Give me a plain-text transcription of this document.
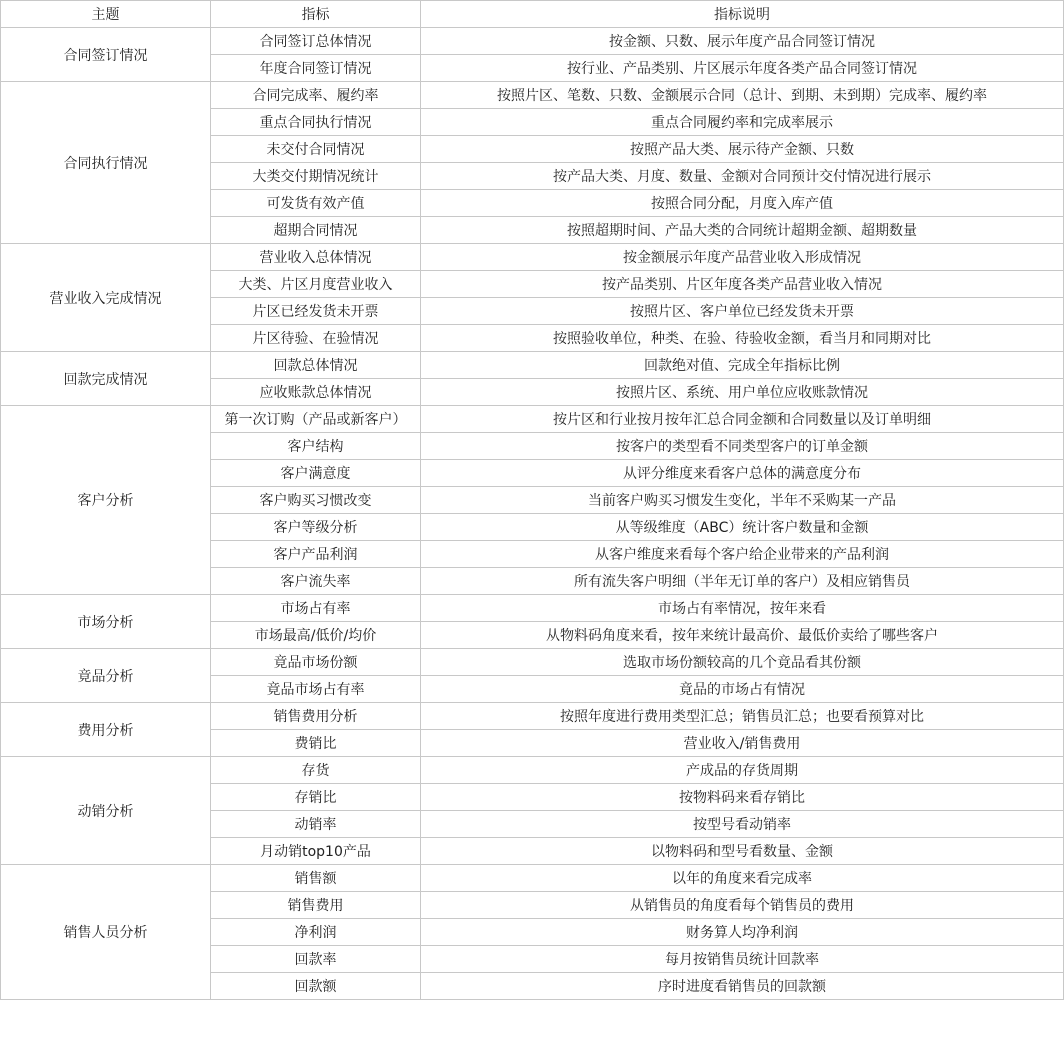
主题	指标	指标说明
合同签订情况	合同签订总体情况	按金额、只数、展示年度产品合同签订情况
	年度合同签订情况	按行业、产品类别、片区展示年度各类产品合同签订情况
合同执行情况	合同完成率、履约率	按照片区、笔数、只数、金额展示合同（总计、到期、未到期）完成率、履约率
	重点合同执行情况	重点合同履约率和完成率展示
	未交付合同情况	按照产品大类、展示待产金额、只数
	大类交付期情况统计	按产品大类、月度、数量、金额对合同预计交付情况进行展示
	可发货有效产值	按照合同分配，月度入库产值
	超期合同情况	按照超期时间、产品大类的合同统计超期金额、超期数量
营业收入完成情况	营业收入总体情况	按金额展示年度产品营业收入形成情况
	大类、片区月度营业收入	按产品类别、片区年度各类产品营业收入情况
	片区已经发货未开票	按照片区、客户单位已经发货未开票
	片区待验、在验情况	按照验收单位，种类、在验、待验收金额，看当月和同期对比
回款完成情况	回款总体情况	回款绝对值、完成全年指标比例
	应收账款总体情况	按照片区、系统、用户单位应收账款情况
客户分析	第一次订购（产品或新客户）	按片区和行业按月按年汇总合同金额和合同数量以及订单明细
	客户结构	按客户的类型看不同类型客户的订单金额
	客户满意度	从评分维度来看客户总体的满意度分布
	客户购买习惯改变	当前客户购买习惯发生变化，半年不采购某一产品
	客户等级分析	从等级维度（ABC）统计客户数量和金额
	客户产品利润	从客户维度来看每个客户给企业带来的产品利润
	客户流失率	所有流失客户明细（半年无订单的客户）及相应销售员
市场分析	市场占有率	市场占有率情况，按年来看
	市场最高/低价/均价	从物料码角度来看，按年来统计最高价、最低价卖给了哪些客户
竟品分析	竟品市场份额	选取市场份额较高的几个竟品看其份额
	竟品市场占有率	竟品的市场占有情况
费用分析	销售费用分析	按照年度进行费用类型汇总；销售员汇总；也要看预算对比
	费销比	营业收入/销售费用
动销分析	存货	产成品的存货周期
	存销比	按物料码来看存销比
	动销率	按型号看动销率
	月动销top10产品	以物料码和型号看数量、金额
销售人员分析	销售额	以年的角度来看完成率
	销售费用	从销售员的角度看每个销售员的费用
	净利润	财务算人均净利润
	回款率	每月按销售员统计回款率
	回款额	序时进度看销售员的回款额
